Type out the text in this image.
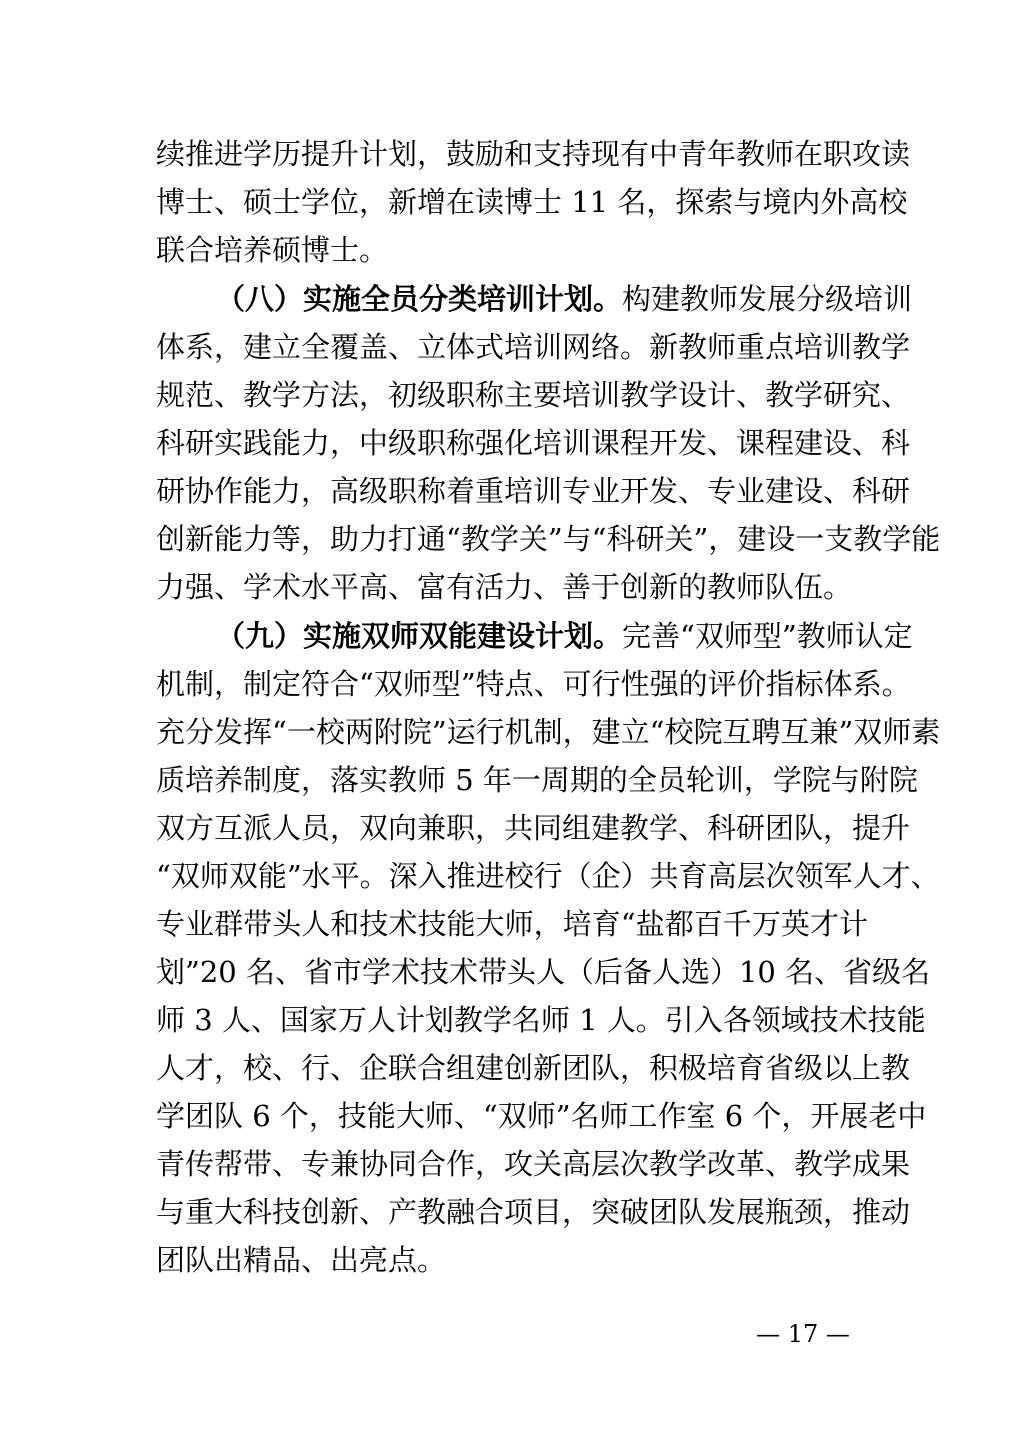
续推进学历提升计划，鼓励和支持现有中青年教师在职攻读
博士、硕士学位，新增在读博士 11 名，探索与境内外高校
联合培养硕博士。
（八）实施全员分类培训计划。构建教师发展分级培训
体系，建立全覆盖、立体式培训网络。新教师重点培训教学
规范、教学方法，初级职称主要培训教学设计、教学研究、
科研实践能力，中级职称强化培训课程开发、课程建设、科
研协作能力，高级职称着重培训专业开发、专业建设、科研
创新能力等，助力打通“教学关”与“科研关”，建设一支教学能
力强、学术水平高、富有活力、善于创新的教师队伍。
（九）实施双师双能建设计划。完善“双师型”教师认定
机制，制定符合“双师型”特点、可行性强的评价指标体系。
充分发挥“一校两附院”运行机制，建立“校院互聘互兼”双师素
质培养制度，落实教师 5 年一周期的全员轮训，学院与附院
双方互派人员，双向兼职，共同组建教学、科研团队，提升
“双师双能”水平。深入推进校行（企）共育高层次领军人才、
专业群带头人和技术技能大师，培育“盐都百千万英才计
划”20 名、省市学术技术带头人（后备人选）10 名、省级名
师 3 人、国家万人计划教学名师 1 人。引入各领域技术技能
人才，校、行、企联合组建创新团队，积极培育省级以上教
学团队 6 个，技能大师、“双师”名师工作室 6 个，开展老中
青传帮带、专兼协同合作，攻关高层次教学改革、教学成果
与重大科技创新、产教融合项目，突破团队发展瓶颈，推动
团队出精品、出亮点。
— 17 —
